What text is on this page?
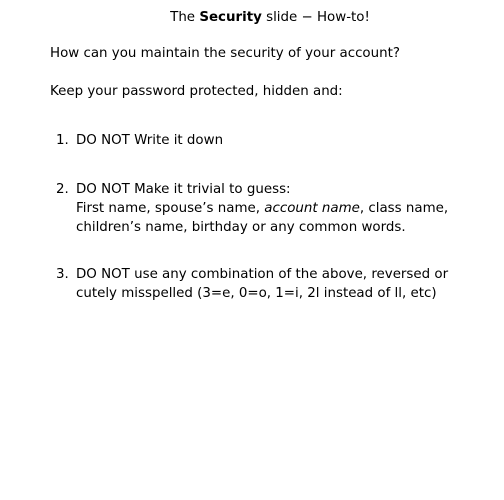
The Security slide − How-to!
How can you maintain the security of your account?
Keep your password protected, hidden and:
1. DO NOT Write it down
2. DO NOT Make it trivial to guess:
First name, spouse’s name, account name, class name,
children’s name, birthday or any common words.
3. DO NOT use any combination of the above, reversed or
cutely misspelled (3=e, 0=o, 1=i, 2l instead of ll, etc)
